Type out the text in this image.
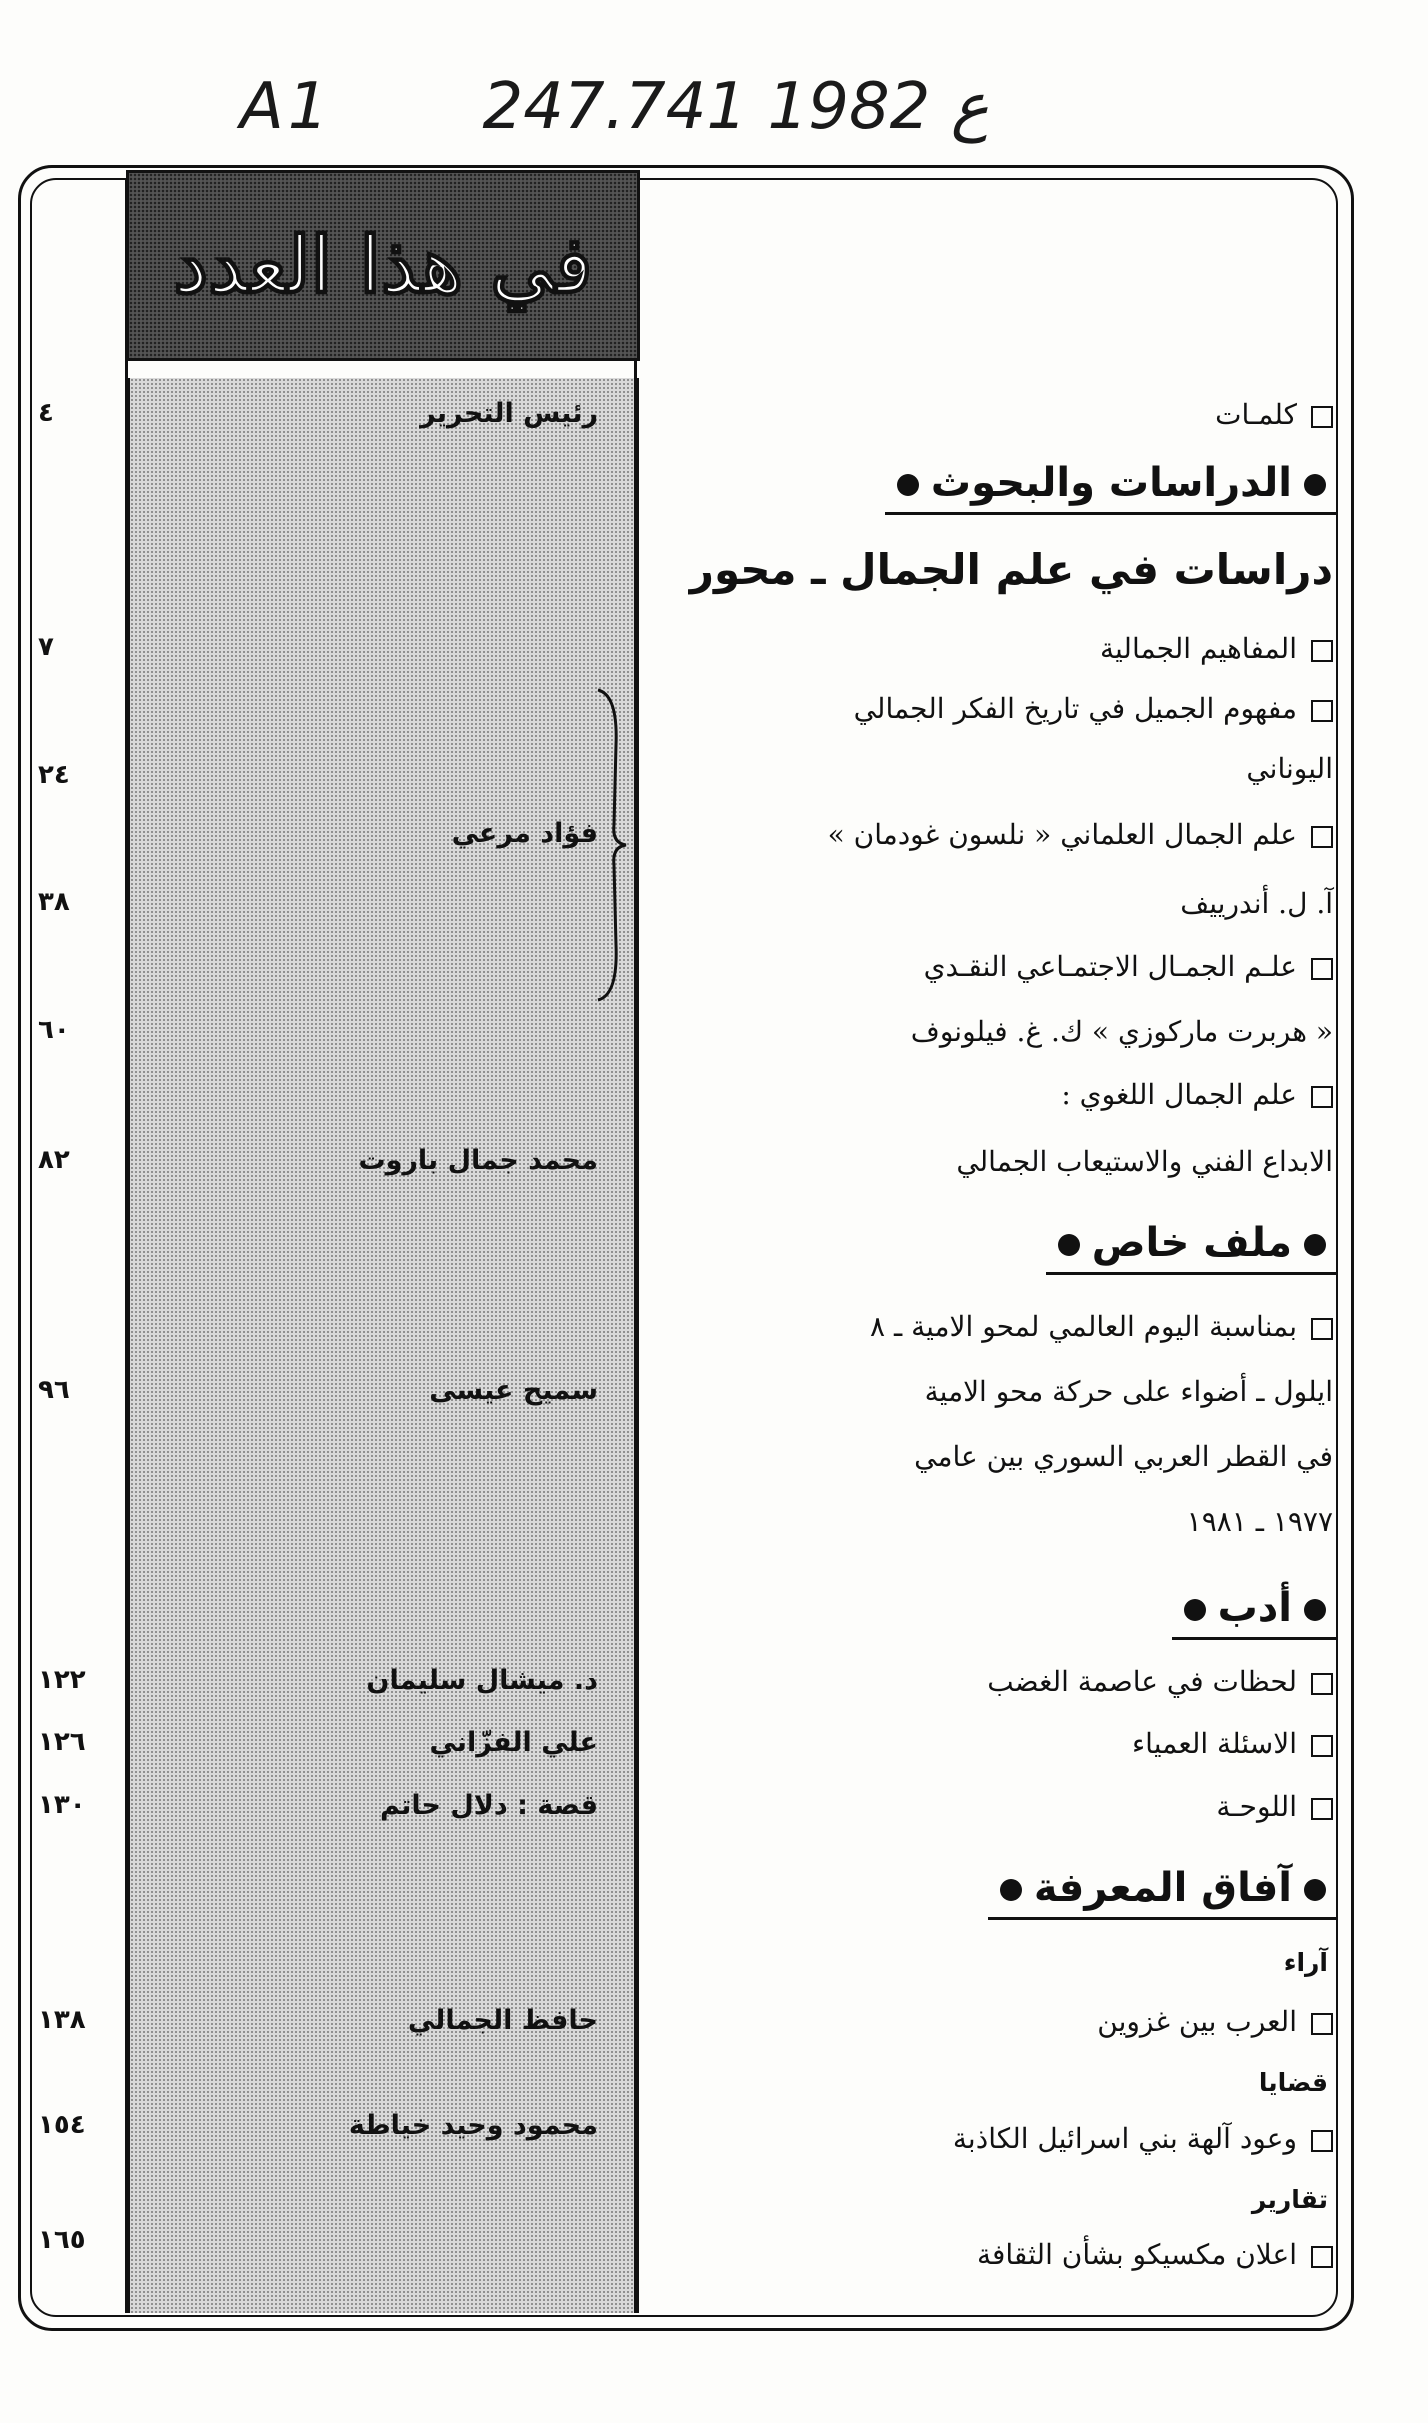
A1 247.ع 1982 741
في هذا العدد
٤
٧
٢٤
٣٨
٦٠
٨٢
٩٦
١٢٢
١٢٦
١٣٠
١٣٨
١٥٤
١٦٥
رئيس التحرير
فؤاد مرعي
محمد جمال باروت
سميح عيسى
د. ميشال سليمان
علي الفزّاني
قصة : دلال حاتم
حافظ الجمالي
محمود وحيد خياطة
كلمـات
الدراسات والبحوث
دراسات في علم الجمال ـ محور
المفاهيم الجمالية
مفهوم الجميل في تاريخ الفكر الجمالي
اليوناني
علم الجمال العلماني « نلسون غودمان »
آ. ل. أندرييف
علـم الجمـال الاجتمـاعي النقـدي
« هربرت ماركوزي » ك. غ. فيلونوف
علم الجمال اللغوي :
الابداع الفني والاستيعاب الجمالي
ملف خاص
بمناسبة اليوم العالمي لمحو الامية ـ ٨
ايلول ـ أضواء على حركة محو الامية
في القطر العربي السوري بين عامي
١٩٧٧ ـ ١٩٨١
أدب
لحظات في عاصمة الغضب
الاسئلة العمياء
اللوحـة
آفاق المعرفة
آراء
العرب بين غزوين
قضايا
وعود آلهة بني اسرائيل الكاذبة
تقارير
اعلان مكسيكو بشأن الثقافة
